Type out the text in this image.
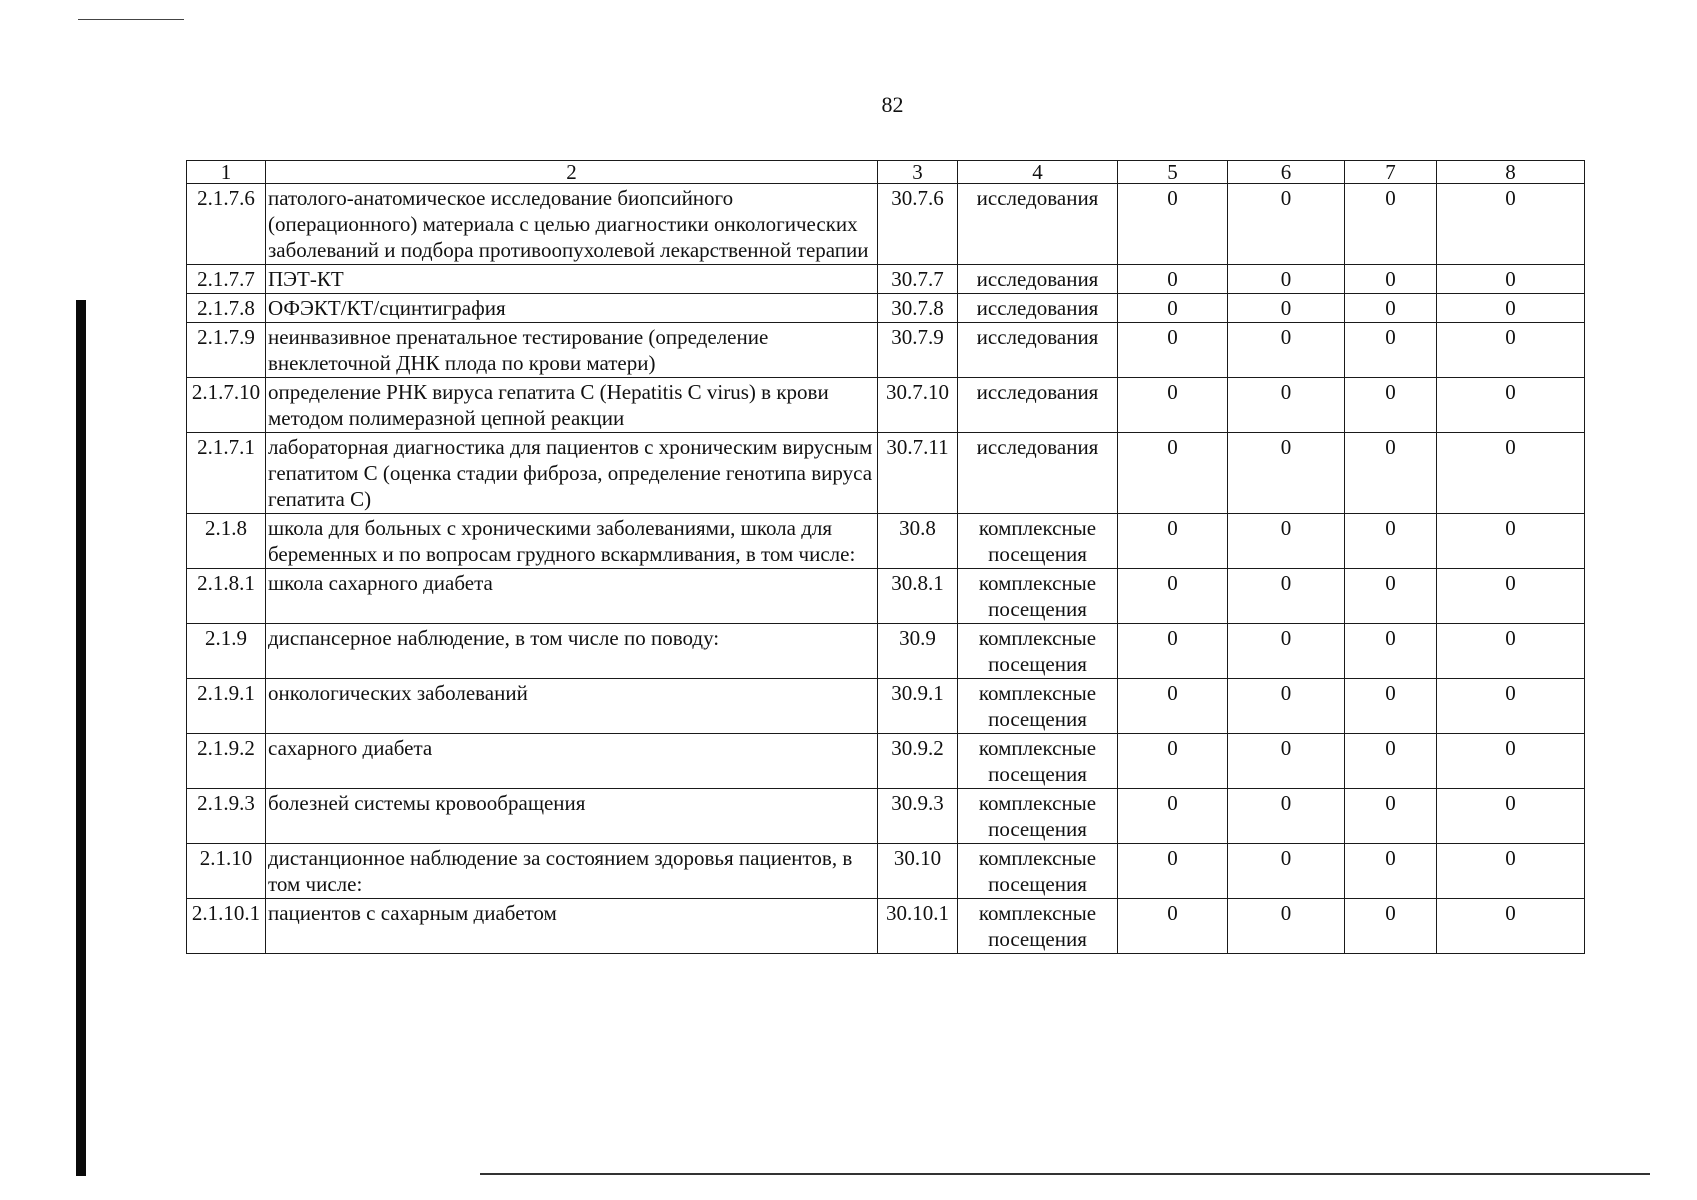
82
1	2	3	4	5	6	7	8
2.1.7.6	патолого-анатомическое исследование биопсийного (операционного) материала с целью диагностики онкологических заболеваний и подбора противоопухолевой лекарственной терапии	30.7.6	исследования	0	0	0	0
2.1.7.7	ПЭТ-КТ	30.7.7	исследования	0	0	0	0
2.1.7.8	ОФЭКТ/КТ/сцинтиграфия	30.7.8	исследования	0	0	0	0
2.1.7.9	неинвазивное пренатальное тестирование (определение внеклеточной ДНК плода по крови матери)	30.7.9	исследования	0	0	0	0
2.1.7.10	определение РНК вируса гепатита С (Hepatitis C virus) в крови методом полимеразной цепной реакции	30.7.10	исследования	0	0	0	0
2.1.7.1	лабораторная диагностика для пациентов с хроническим вирусным гепатитом С (оценка стадии фиброза, определение генотипа вируса гепатита С)	30.7.11	исследования	0	0	0	0
2.1.8	школа для больных с хроническими заболеваниями, школа для беременных и по вопросам грудного вскармливания, в том числе:	30.8	комплексные посещения	0	0	0	0
2.1.8.1	школа сахарного диабета	30.8.1	комплексные посещения	0	0	0	0
2.1.9	диспансерное наблюдение, в том числе по поводу:	30.9	комплексные посещения	0	0	0	0
2.1.9.1	онкологических заболеваний	30.9.1	комплексные посещения	0	0	0	0
2.1.9.2	сахарного диабета	30.9.2	комплексные посещения	0	0	0	0
2.1.9.3	болезней системы кровообращения	30.9.3	комплексные посещения	0	0	0	0
2.1.10	дистанционное наблюдение за состоянием здоровья пациентов, в том числе:	30.10	комплексные посещения	0	0	0	0
2.1.10.1	пациентов с сахарным диабетом	30.10.1	комплексные посещения	0	0	0	0
